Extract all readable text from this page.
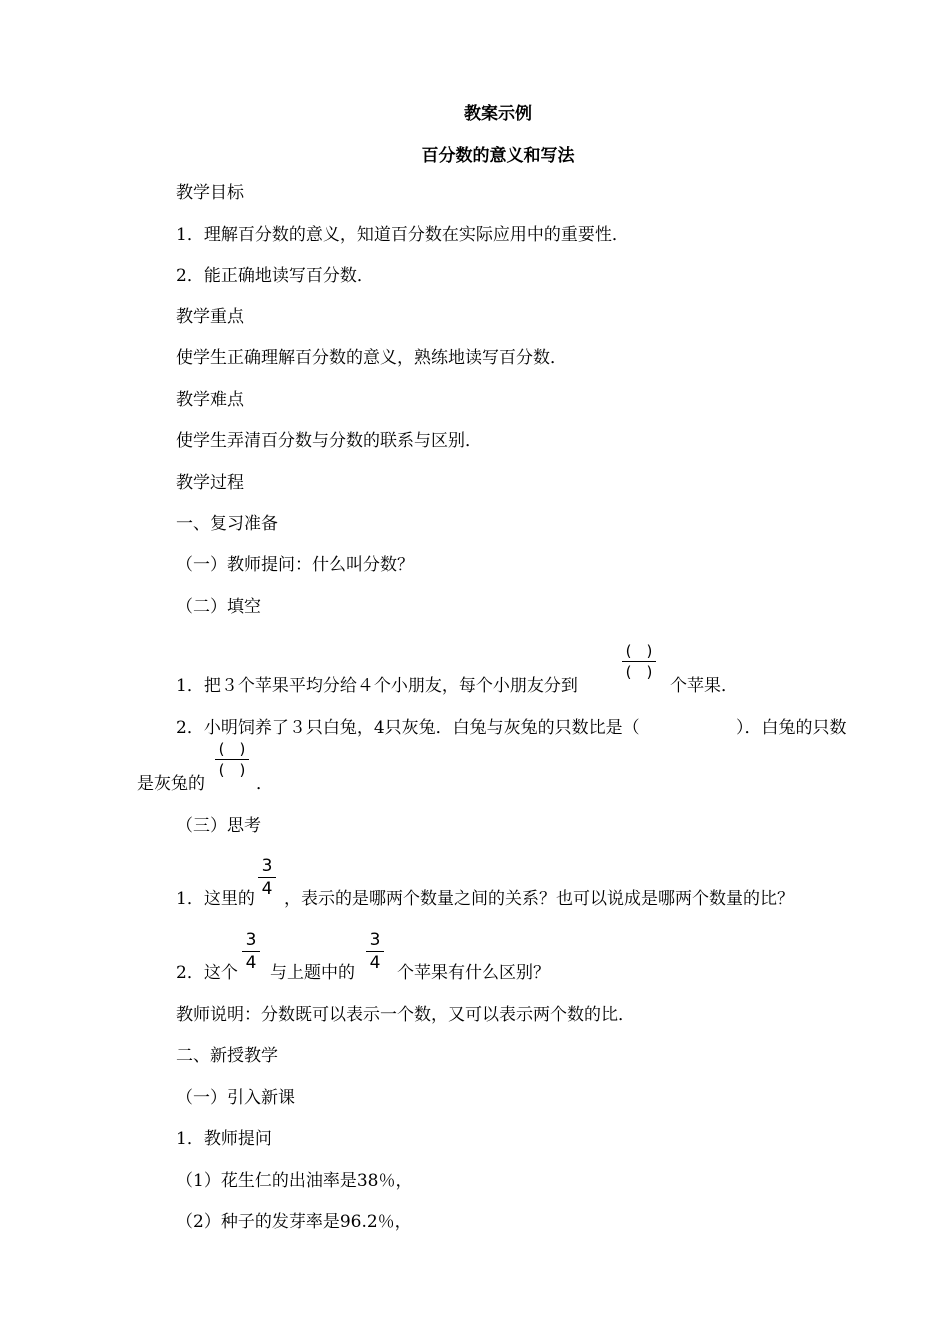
教案示例
百分数的意义和写法
教学目标
1．理解百分数的意义，知道百分数在实际应用中的重要性．
2．能正确地读写百分数．
教学重点
使学生正确理解百分数的意义，熟练地读写百分数．
教学难点
使学生弄清百分数与分数的联系与区别．
教学过程
一、复习准备
（一）教师提问：什么叫分数？
（二）填空
1．把３个苹果平均分给４个小朋友，每个小朋友分到
(　)
(　)
个苹果．
2．小明饲养了３只白兔，4只灰兔．白兔与灰兔的只数比是（	）．白兔的只数
是灰兔的
(　)
(　)
．
（三）思考
1．这里的
3
4 ，表示的是哪两个数量之间的关系？也可以说成是哪两个数量的比？
2．这个
3
4 与上题中的
3
4 个苹果有什么区别？
教师说明：分数既可以表示一个数，又可以表示两个数的比．
二、新授教学
（一）引入新课
1．教师提问
（1）花生仁的出油率是38％，
（2）种子的发芽率是96.2％，
